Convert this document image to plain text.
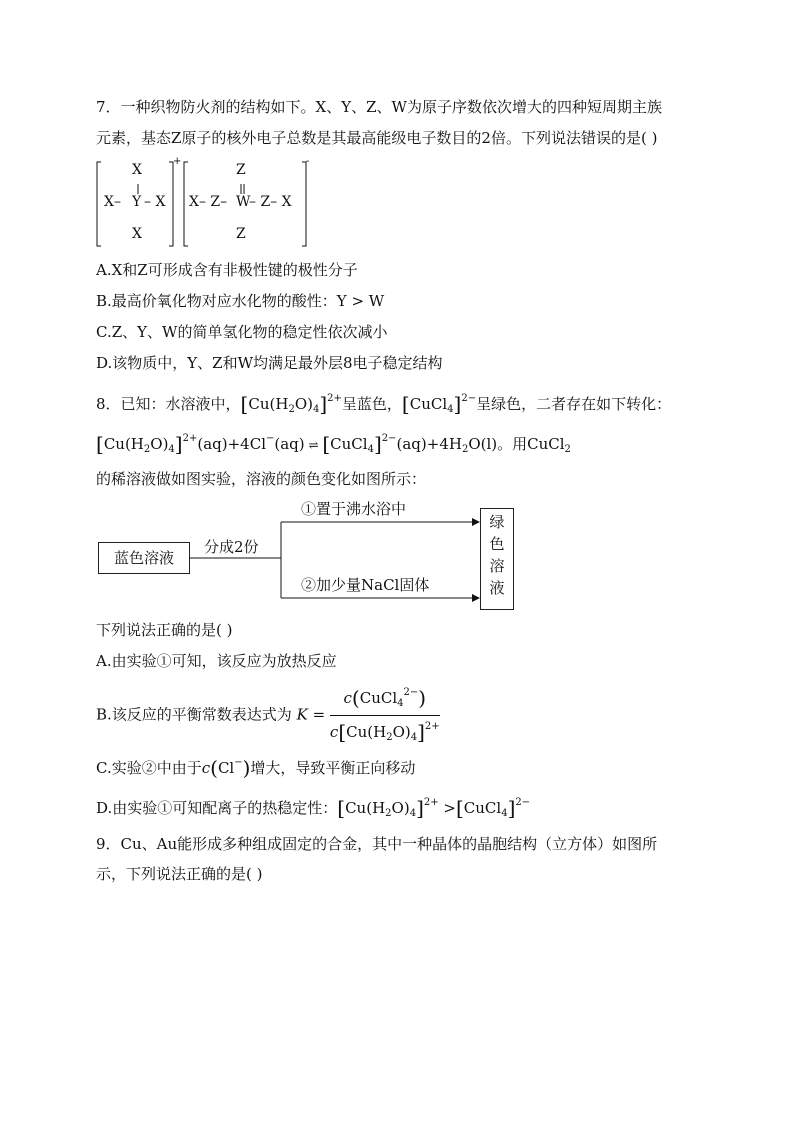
7．一种织物防火剂的结构如下。X、Y、Z、W为原子序数依次增大的四种短周期主族
元素，基态Z原子的核外电子总数是其最高能级电子数目的2倍。下列说法错误的是( )
X
X– Y – X
X
+
Z
X– Z– W
– Z– X
Z
-
A.X和Z可形成含有非极性键的极性分子
B.最高价氧化物对应水化物的酸性：Y > W
C.Z、Y、W的简单氢化物的稳定性依次减小
D.该物质中，Y、Z和W均满足最外层8电子稳定结构
8．已知：水溶液中，$[Cu(H_2O)_4]^{2+}$呈蓝色，[CuCl$_4$]$^{2-}$呈绿色，二者存在如下转化：
$[Cu(H_2O)_4]^{2+}(aq)+4Cl^-(aq)$ ⇌ $[CuCl_4]^{2-}(aq)+4H_2O(l)$。用CuCl$_2$
的稀溶液做如图实验，溶液的颜色变化如图所示：
蓝色溶液
分成2份
①置于沸水浴中
②加少量NaCl固体
绿
色
溶
液
下列说法正确的是( )
A.由实验①可知，该反应为放热反应
B.该反应的平衡常数表达式为 $K = \frac{c(CuCl_4^{2-})}{c[Cu(H_2O)_4]^{2+}}$
C.实验②中由于c(Cl−)增大，导致平衡正向移动
D.由实验①可知配离子的热稳定性：$[Cu(H_2O)_4]^{2+}$ >[CuCl$_4$]$^{2-}$
9．Cu、Au能形成多种组成固定的合金，其中一种晶体的晶胞结构（立方体）如图所
示，下列说法正确的是( )
